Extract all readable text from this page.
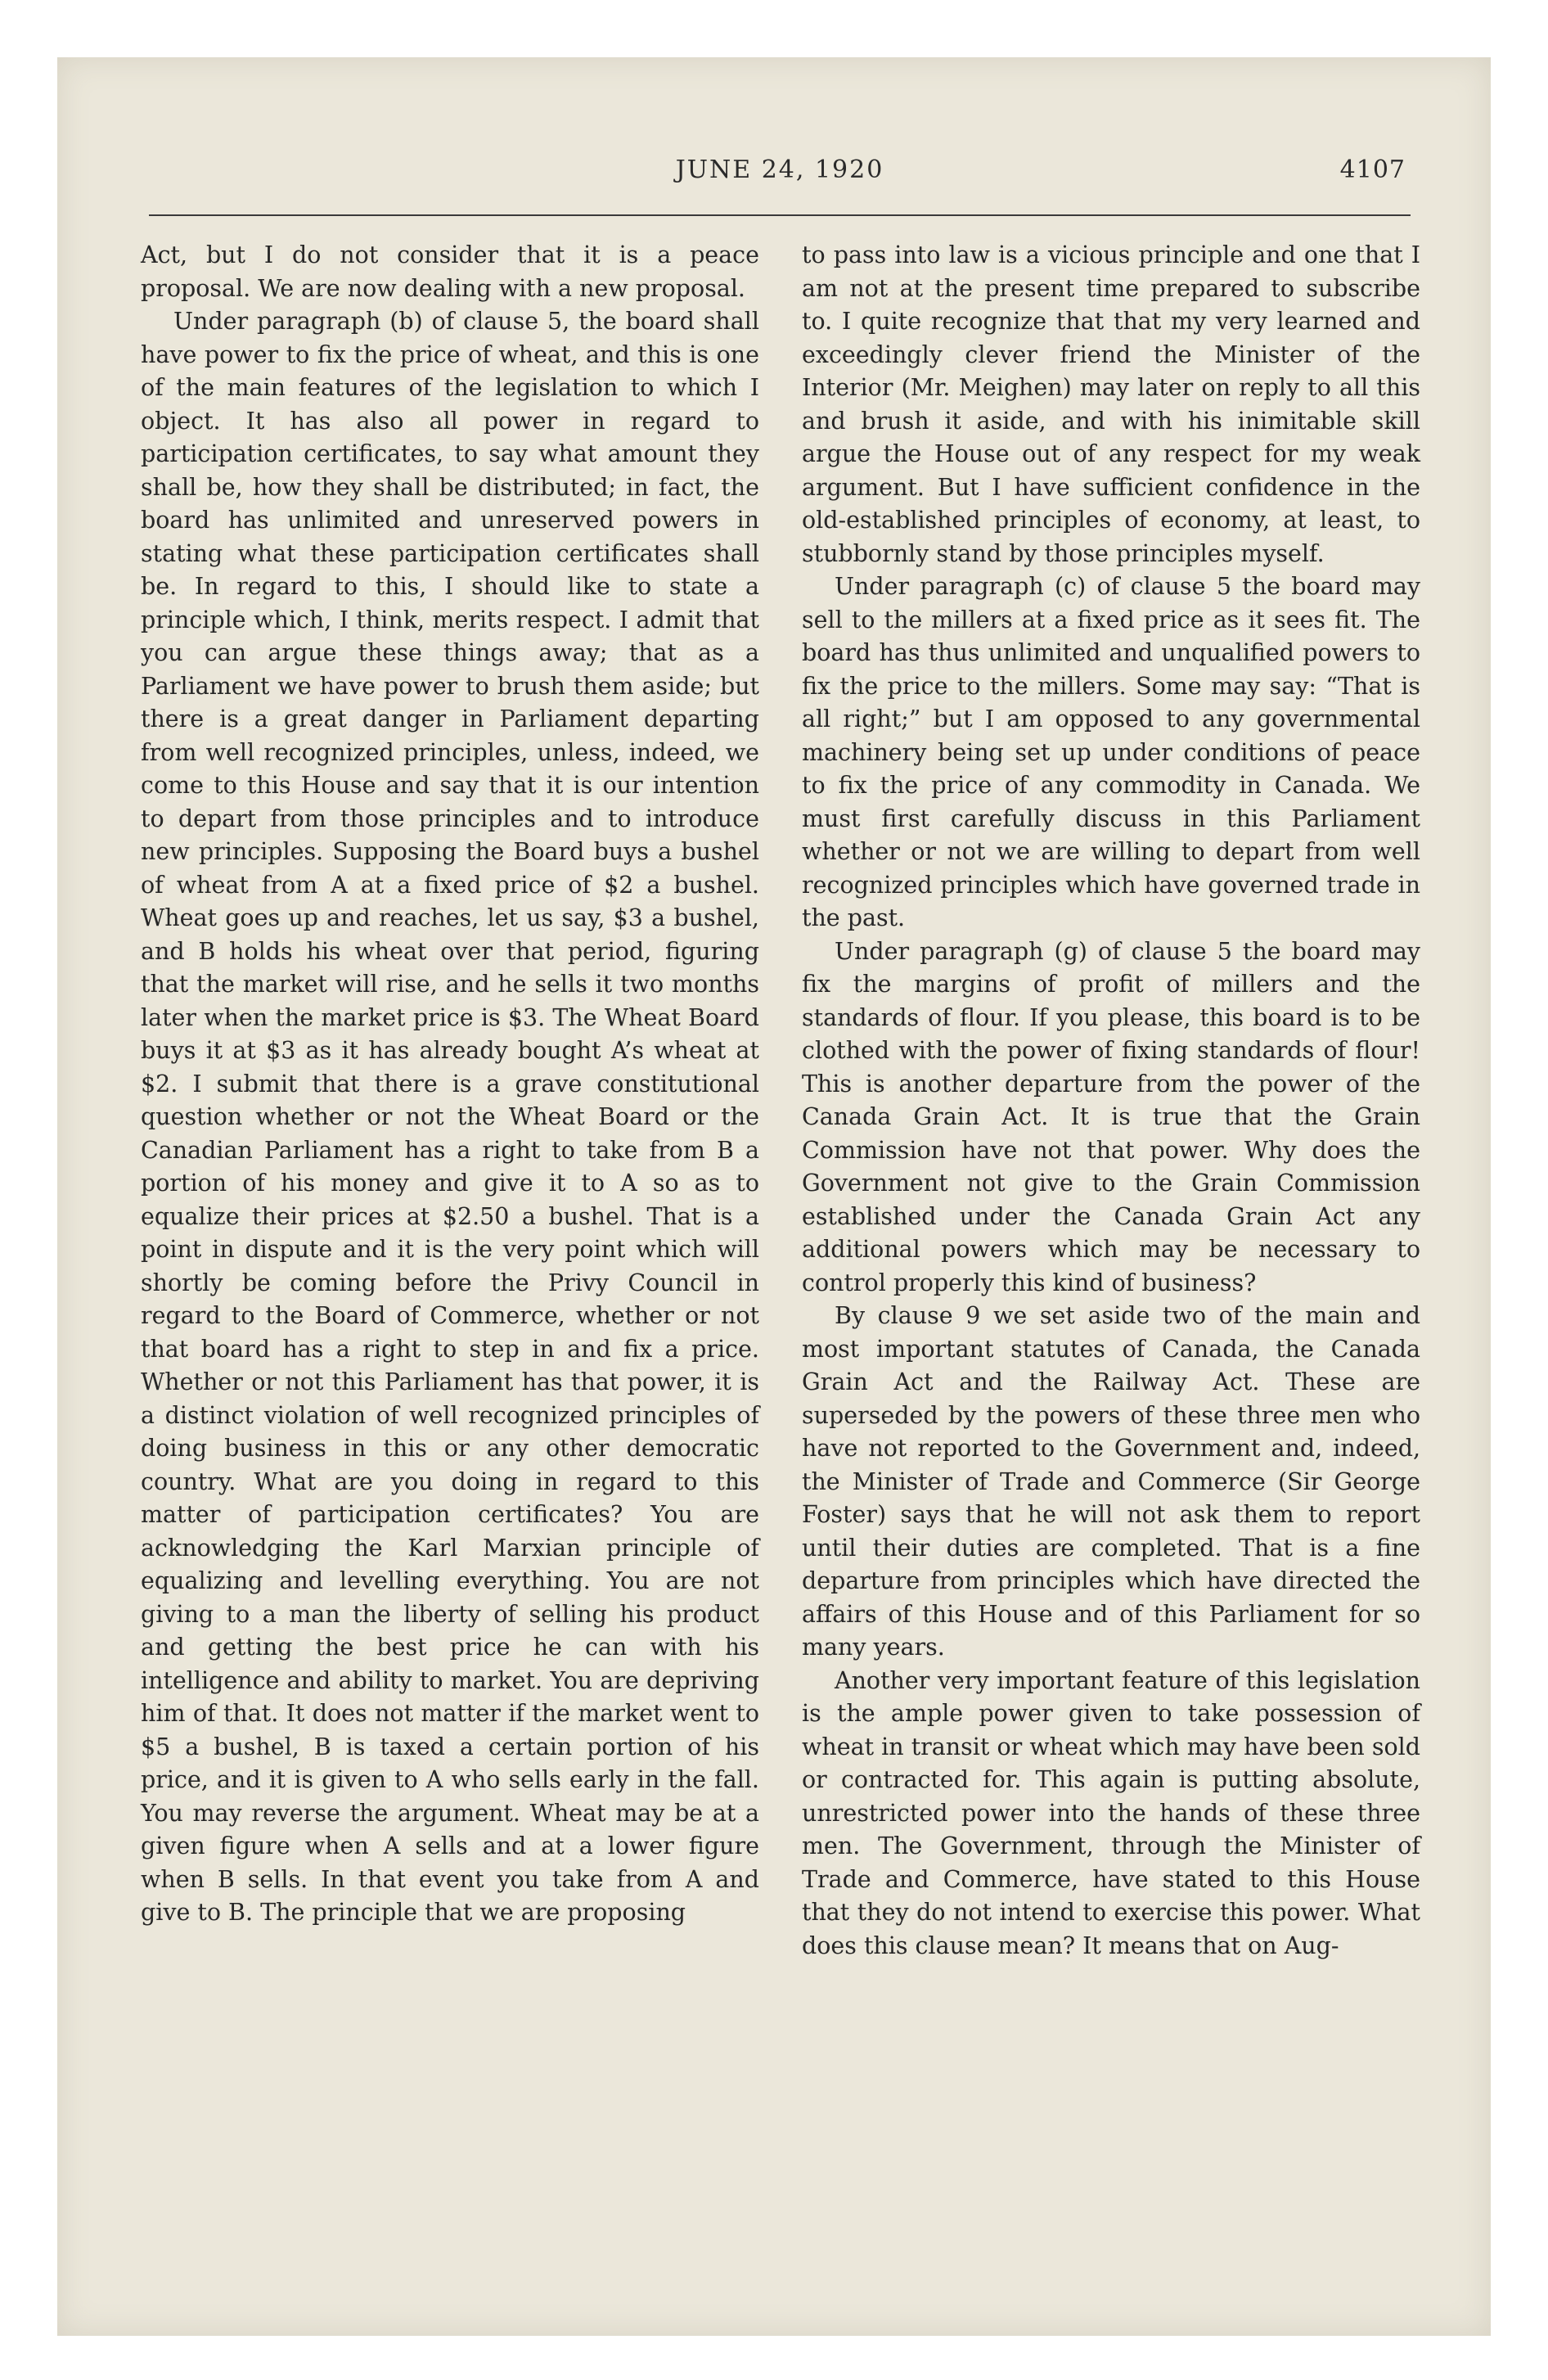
JUNE 24, 1920	4107

Act, but I do not consider that it is a peace proposal. We are now dealing with a new proposal.

Under paragraph (b) of clause 5, the board shall have power to fix the price of wheat, and this is one of the main features of the legislation to which I object. It has also all power in regard to participation certificates, to say what amount they shall be, how they shall be distributed; in fact, the board has unlimited and unreserved powers in stating what these participation certificates shall be. In regard to this, I should like to state a principle which, I think, merits respect. I admit that you can argue these things away; that as a Parliament we have power to brush them aside; but there is a great danger in Parliament departing from well recognized principles, unless, indeed, we come to this House and say that it is our intention to depart from those principles and to introduce new principles. Supposing the Board buys a bushel of wheat from A at a fixed price of $2 a bushel. Wheat goes up and reaches, let us say, $3 a bushel, and B holds his wheat over that period, figuring that the market will rise, and he sells it two months later when the market price is $3. The Wheat Board buys it at $3 as it has already bought A’s wheat at $2. I submit that there is a grave constitutional question whether or not the Wheat Board or the Canadian Parliament has a right to take from B a portion of his money and give it to A so as to equalize their prices at $2.50 a bushel. That is a point in dispute and it is the very point which will shortly be coming before the Privy Council in regard to the Board of Commerce, whether or not that board has a right to step in and fix a price. Whether or not this Parliament has that power, it is a distinct violation of well recognized principles of doing business in this or any other democratic country. What are you doing in regard to this matter of participation certificates? You are acknowledging the Karl Marxian principle of equalizing and levelling everything. You are not giving to a man the liberty of selling his product and getting the best price he can with his intelligence and ability to market. You are depriving him of that. It does not matter if the market went to $5 a bushel, B is taxed a certain portion of his price, and it is given to A who sells early in the fall. You may reverse the argument. Wheat may be at a given figure when A sells and at a lower figure when B sells. In that event you take from A and give to B. The principle that we are proposing

to pass into law is a vicious principle and one that I am not at the present time prepared to subscribe to. I quite recognize that that my very learned and exceedingly clever friend the Minister of the Interior (Mr. Meighen) may later on reply to all this and brush it aside, and with his inimitable skill argue the House out of any respect for my weak argument. But I have sufficient confidence in the old-established principles of economy, at least, to stubbornly stand by those principles myself.

Under paragraph (c) of clause 5 the board may sell to the millers at a fixed price as it sees fit. The board has thus unlimited and unqualified powers to fix the price to the millers. Some may say: “That is all right;” but I am opposed to any governmental machinery being set up under conditions of peace to fix the price of any commodity in Canada. We must first carefully discuss in this Parliament whether or not we are willing to depart from well recognized principles which have governed trade in the past.

Under paragraph (g) of clause 5 the board may fix the margins of profit of millers and the standards of flour. If you please, this board is to be clothed with the power of fixing standards of flour! This is another departure from the power of the Canada Grain Act. It is true that the Grain Commission have not that power. Why does the Government not give to the Grain Commission established under the Canada Grain Act any additional powers which may be necessary to control properly this kind of business?

By clause 9 we set aside two of the main and most important statutes of Canada, the Canada Grain Act and the Railway Act. These are superseded by the powers of these three men who have not reported to the Government and, indeed, the Minister of Trade and Commerce (Sir George Foster) says that he will not ask them to report until their duties are completed. That is a fine departure from principles which have directed the affairs of this House and of this Parliament for so many years.

Another very important feature of this legislation is the ample power given to take possession of wheat in transit or wheat which may have been sold or contracted for. This again is putting absolute, unrestricted power into the hands of these three men. The Government, through the Minister of Trade and Commerce, have stated to this House that they do not intend to exercise this power. What does this clause mean? It means that on Aug-
